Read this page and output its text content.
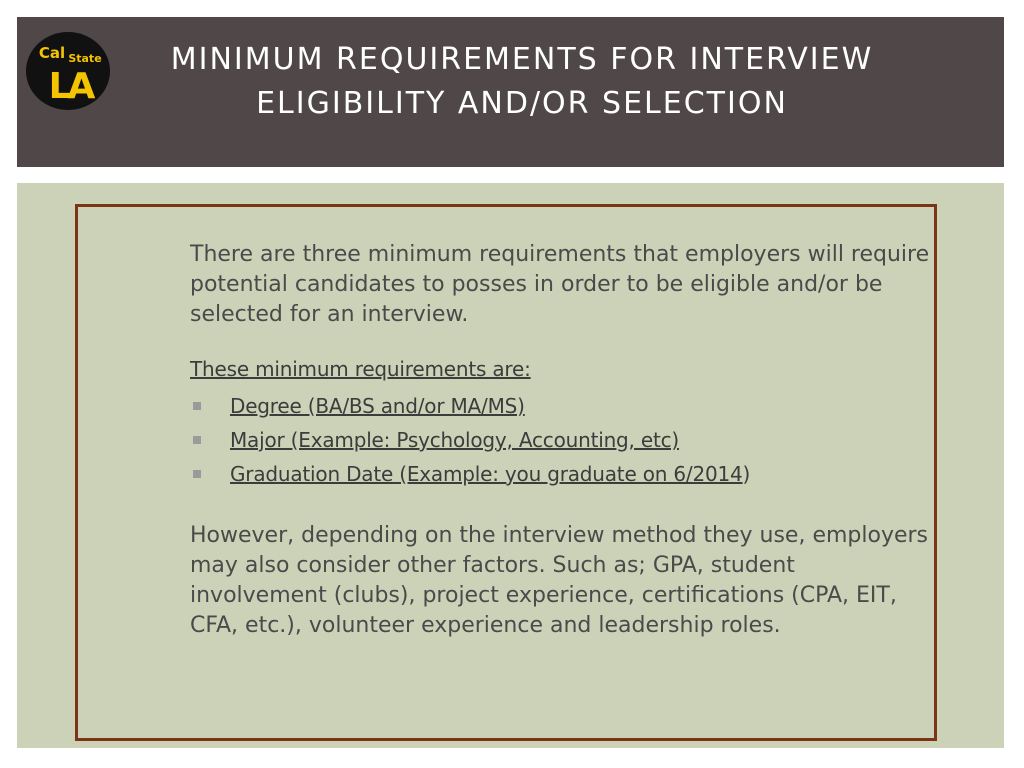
Cal State
LA
MINIMUM REQUIREMENTS FOR INTERVIEW ELIGIBILITY AND/OR SELECTION

There are three minimum requirements that employers will require potential candidates to posses in order to be eligible and/or be selected for an interview.

These minimum requirements are:

Degree (BA/BS and/or MA/MS)
Major (Example: Psychology, Accounting, etc)
Graduation Date (Example: you graduate on 6/2014)

However, depending on the interview method they use, employers may also consider other factors. Such as; GPA, student involvement (clubs), project experience, certifications (CPA, EIT, CFA, etc.), volunteer experience and leadership roles.
